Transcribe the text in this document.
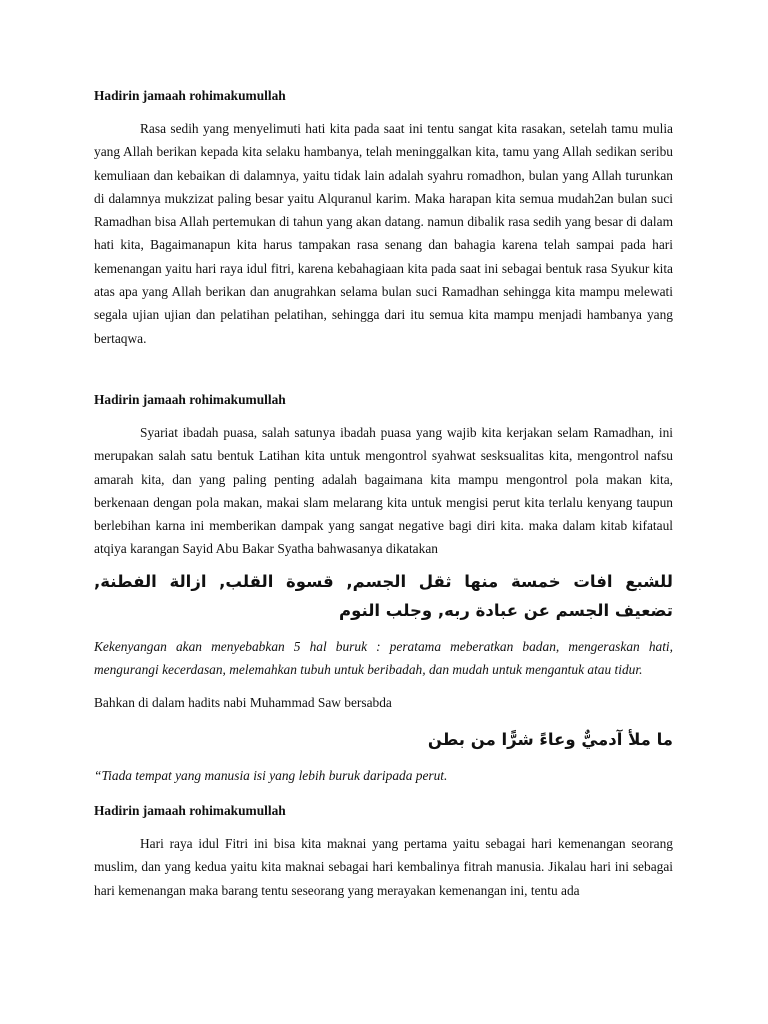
Hadirin jamaah rohimakumullah

Rasa sedih yang menyelimuti hati kita pada saat ini tentu sangat kita rasakan, setelah tamu mulia yang Allah berikan kepada kita selaku hambanya, telah meninggalkan kita, tamu yang Allah sedikan seribu kemuliaan dan kebaikan di dalamnya, yaitu tidak lain adalah syahru romadhon, bulan yang Allah turunkan di dalamnya mukzizat paling besar yaitu Alquranul karim. Maka harapan kita semua mudah2an bulan suci Ramadhan bisa Allah pertemukan di tahun yang akan datang. namun dibalik rasa sedih yang besar di dalam hati kita, Bagaimanapun kita harus tampakan rasa senang dan bahagia karena telah sampai pada hari kemenangan yaitu hari raya idul fitri, karena kebahagiaan kita pada saat ini sebagai bentuk rasa Syukur kita atas apa yang Allah berikan dan anugrahkan selama bulan suci Ramadhan sehingga kita mampu melewati segala ujian ujian dan pelatihan pelatihan, sehingga dari itu semua kita mampu menjadi hambanya yang bertaqwa.

Hadirin jamaah rohimakumullah

Syariat ibadah puasa, salah satunya ibadah puasa yang wajib kita kerjakan selam Ramadhan, ini merupakan salah satu bentuk Latihan kita untuk mengontrol syahwat sesksualitas kita, mengontrol nafsu amarah kita, dan yang paling penting adalah bagaimana kita mampu mengontrol pola makan kita, berkenaan dengan pola makan, makai slam melarang kita untuk mengisi perut kita terlalu kenyang taupun berlebihan karna ini memberikan dampak yang sangat negative bagi diri kita. maka dalam kitab kifataul atqiya karangan Sayid Abu Bakar Syatha bahwasanya dikatakan

للشبع افات خمسة منها ثقل الجسم, قسوة القلب, ازالة الفطنة, تضعيف الجسم عن عبادة ربه, وجلب النوم

Kekenyangan akan menyebabkan 5 hal buruk : peratama meberatkan badan, mengeraskan hati, mengurangi kecerdasan, melemahkan tubuh untuk beribadah, dan mudah untuk mengantuk atau tidur.

Bahkan di dalam hadits nabi Muhammad Saw bersabda

ما ملأ آدميٌّ وعاءً شرًّا من بطن

“Tiada tempat yang manusia isi yang lebih buruk daripada perut.

Hadirin jamaah rohimakumullah

Hari raya idul Fitri ini bisa kita maknai yang pertama yaitu sebagai hari kemenangan seorang muslim, dan yang kedua yaitu kita maknai sebagai hari kembalinya fitrah manusia. Jikalau hari ini sebagai hari kemenangan maka barang tentu seseorang yang merayakan kemenangan ini, tentu ada
